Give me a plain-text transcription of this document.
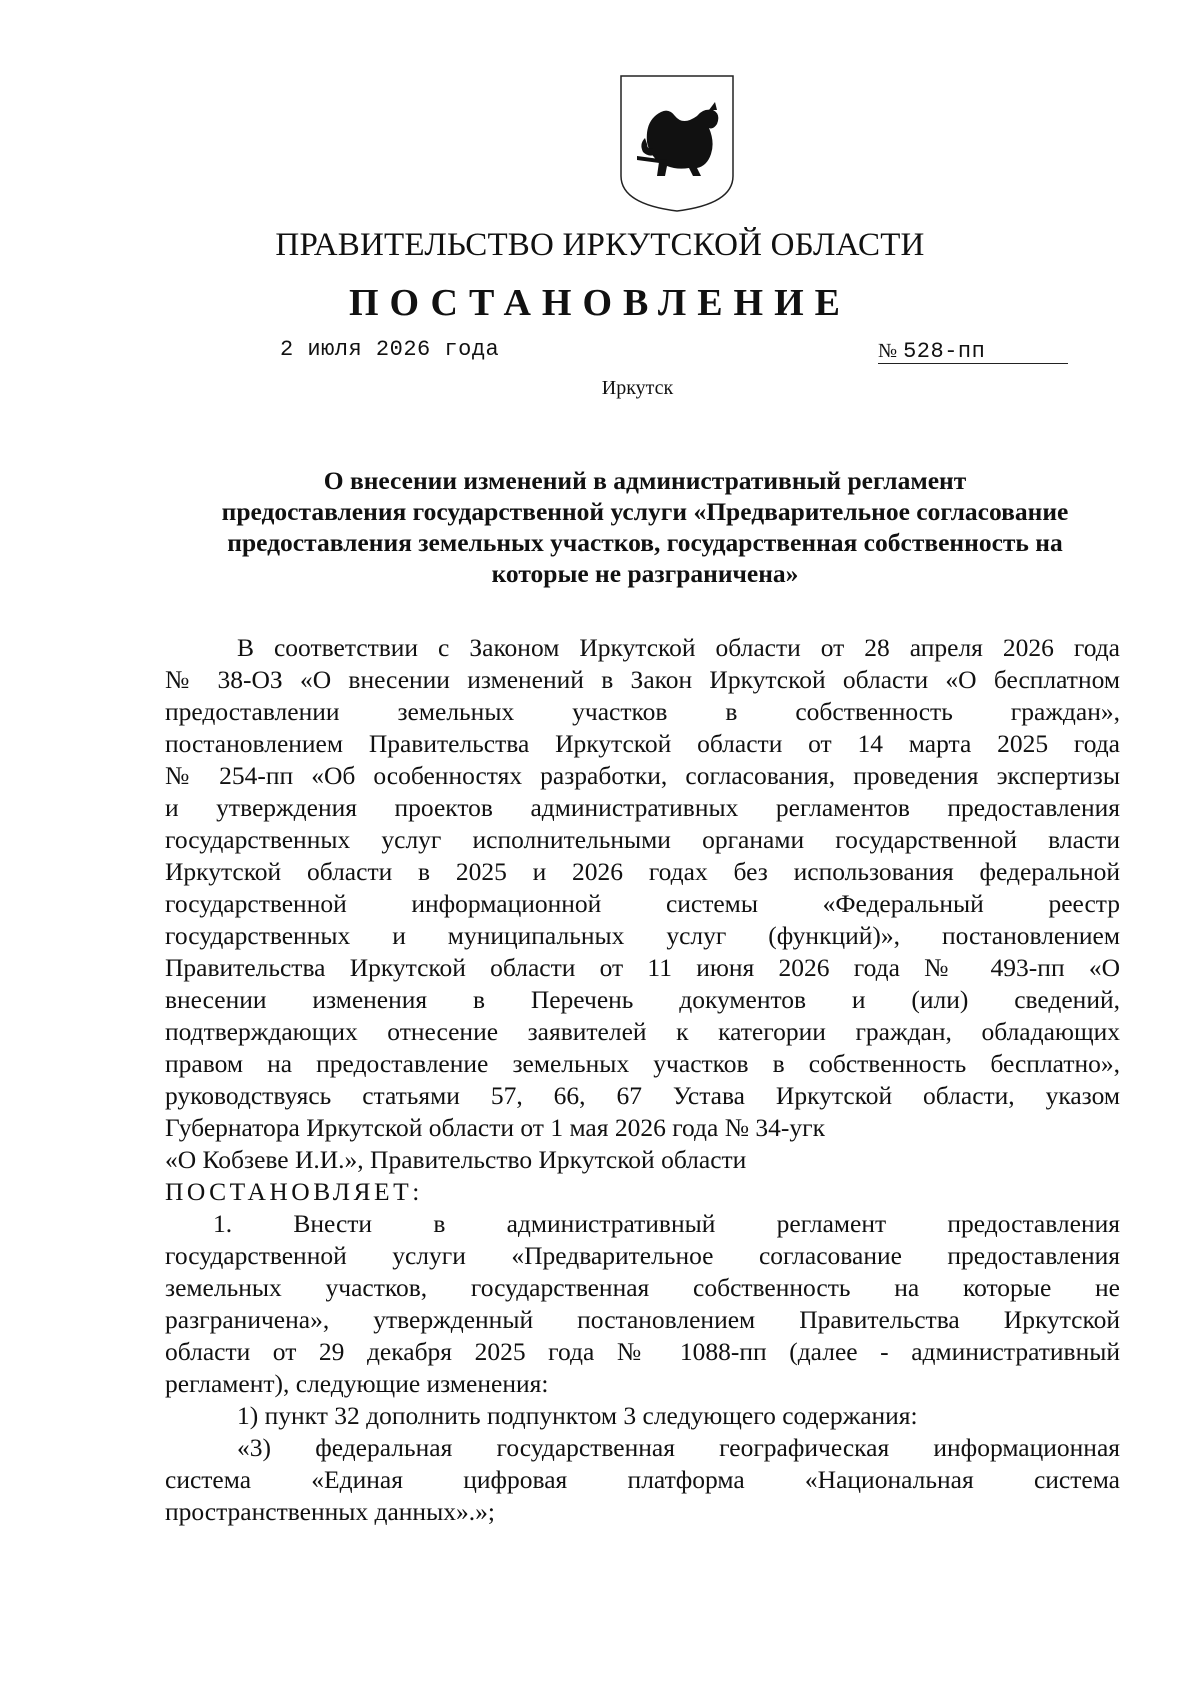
ПРАВИТЕЛЬСТВО ИРКУТСКОЙ ОБЛАСТИ
ПОСТАНОВЛЕНИЕ
2 июля 2026 года	№ 528-пп
Иркутск
О внесении изменений в административный регламент
предоставления государственной услуги «Предварительное согласование
предоставления земельных участков, государственная собственность на
которые не разграничена»
В соответствии с Законом Иркутской области от 28 апреля 2026 года
№ 38-ОЗ «О внесении изменений в Закон Иркутской области «О бесплатном
предоставлении земельных участков в собственность граждан»,
постановлением Правительства Иркутской области от 14 марта 2025 года
№ 254-пп «Об особенностях разработки, согласования, проведения экспертизы
и утверждения проектов административных регламентов предоставления
государственных услуг исполнительными органами государственной власти
Иркутской области в 2025 и 2026 годах без использования федеральной
государственной информационной системы «Федеральный реестр
государственных и муниципальных услуг (функций)», постановлением
Правительства Иркутской области от 11 июня 2026 года № 493-пп «О
внесении изменения в Перечень документов и (или) сведений,
подтверждающих отнесение заявителей к категории граждан, обладающих
правом на предоставление земельных участков в собственность бесплатно»,
руководствуясь статьями 57, 66, 67 Устава Иркутской области, указом
Губернатора Иркутской области от 1 мая 2026 года № 34-угк
«О Кобзеве И.И.», Правительство Иркутской области
ПОСТАНОВЛЯЕТ:
1. Внести в административный регламент предоставления
государственной услуги «Предварительное согласование предоставления
земельных участков, государственная собственность на которые не
разграничена», утвержденный постановлением Правительства Иркутской
области от 29 декабря 2025 года № 1088-пп (далее - административный
регламент), следующие изменения:
1) пункт 32 дополнить подпунктом 3 следующего содержания:
«3) федеральная государственная географическая информационная
система «Единая цифровая платформа «Национальная система
пространственных данных».»;
